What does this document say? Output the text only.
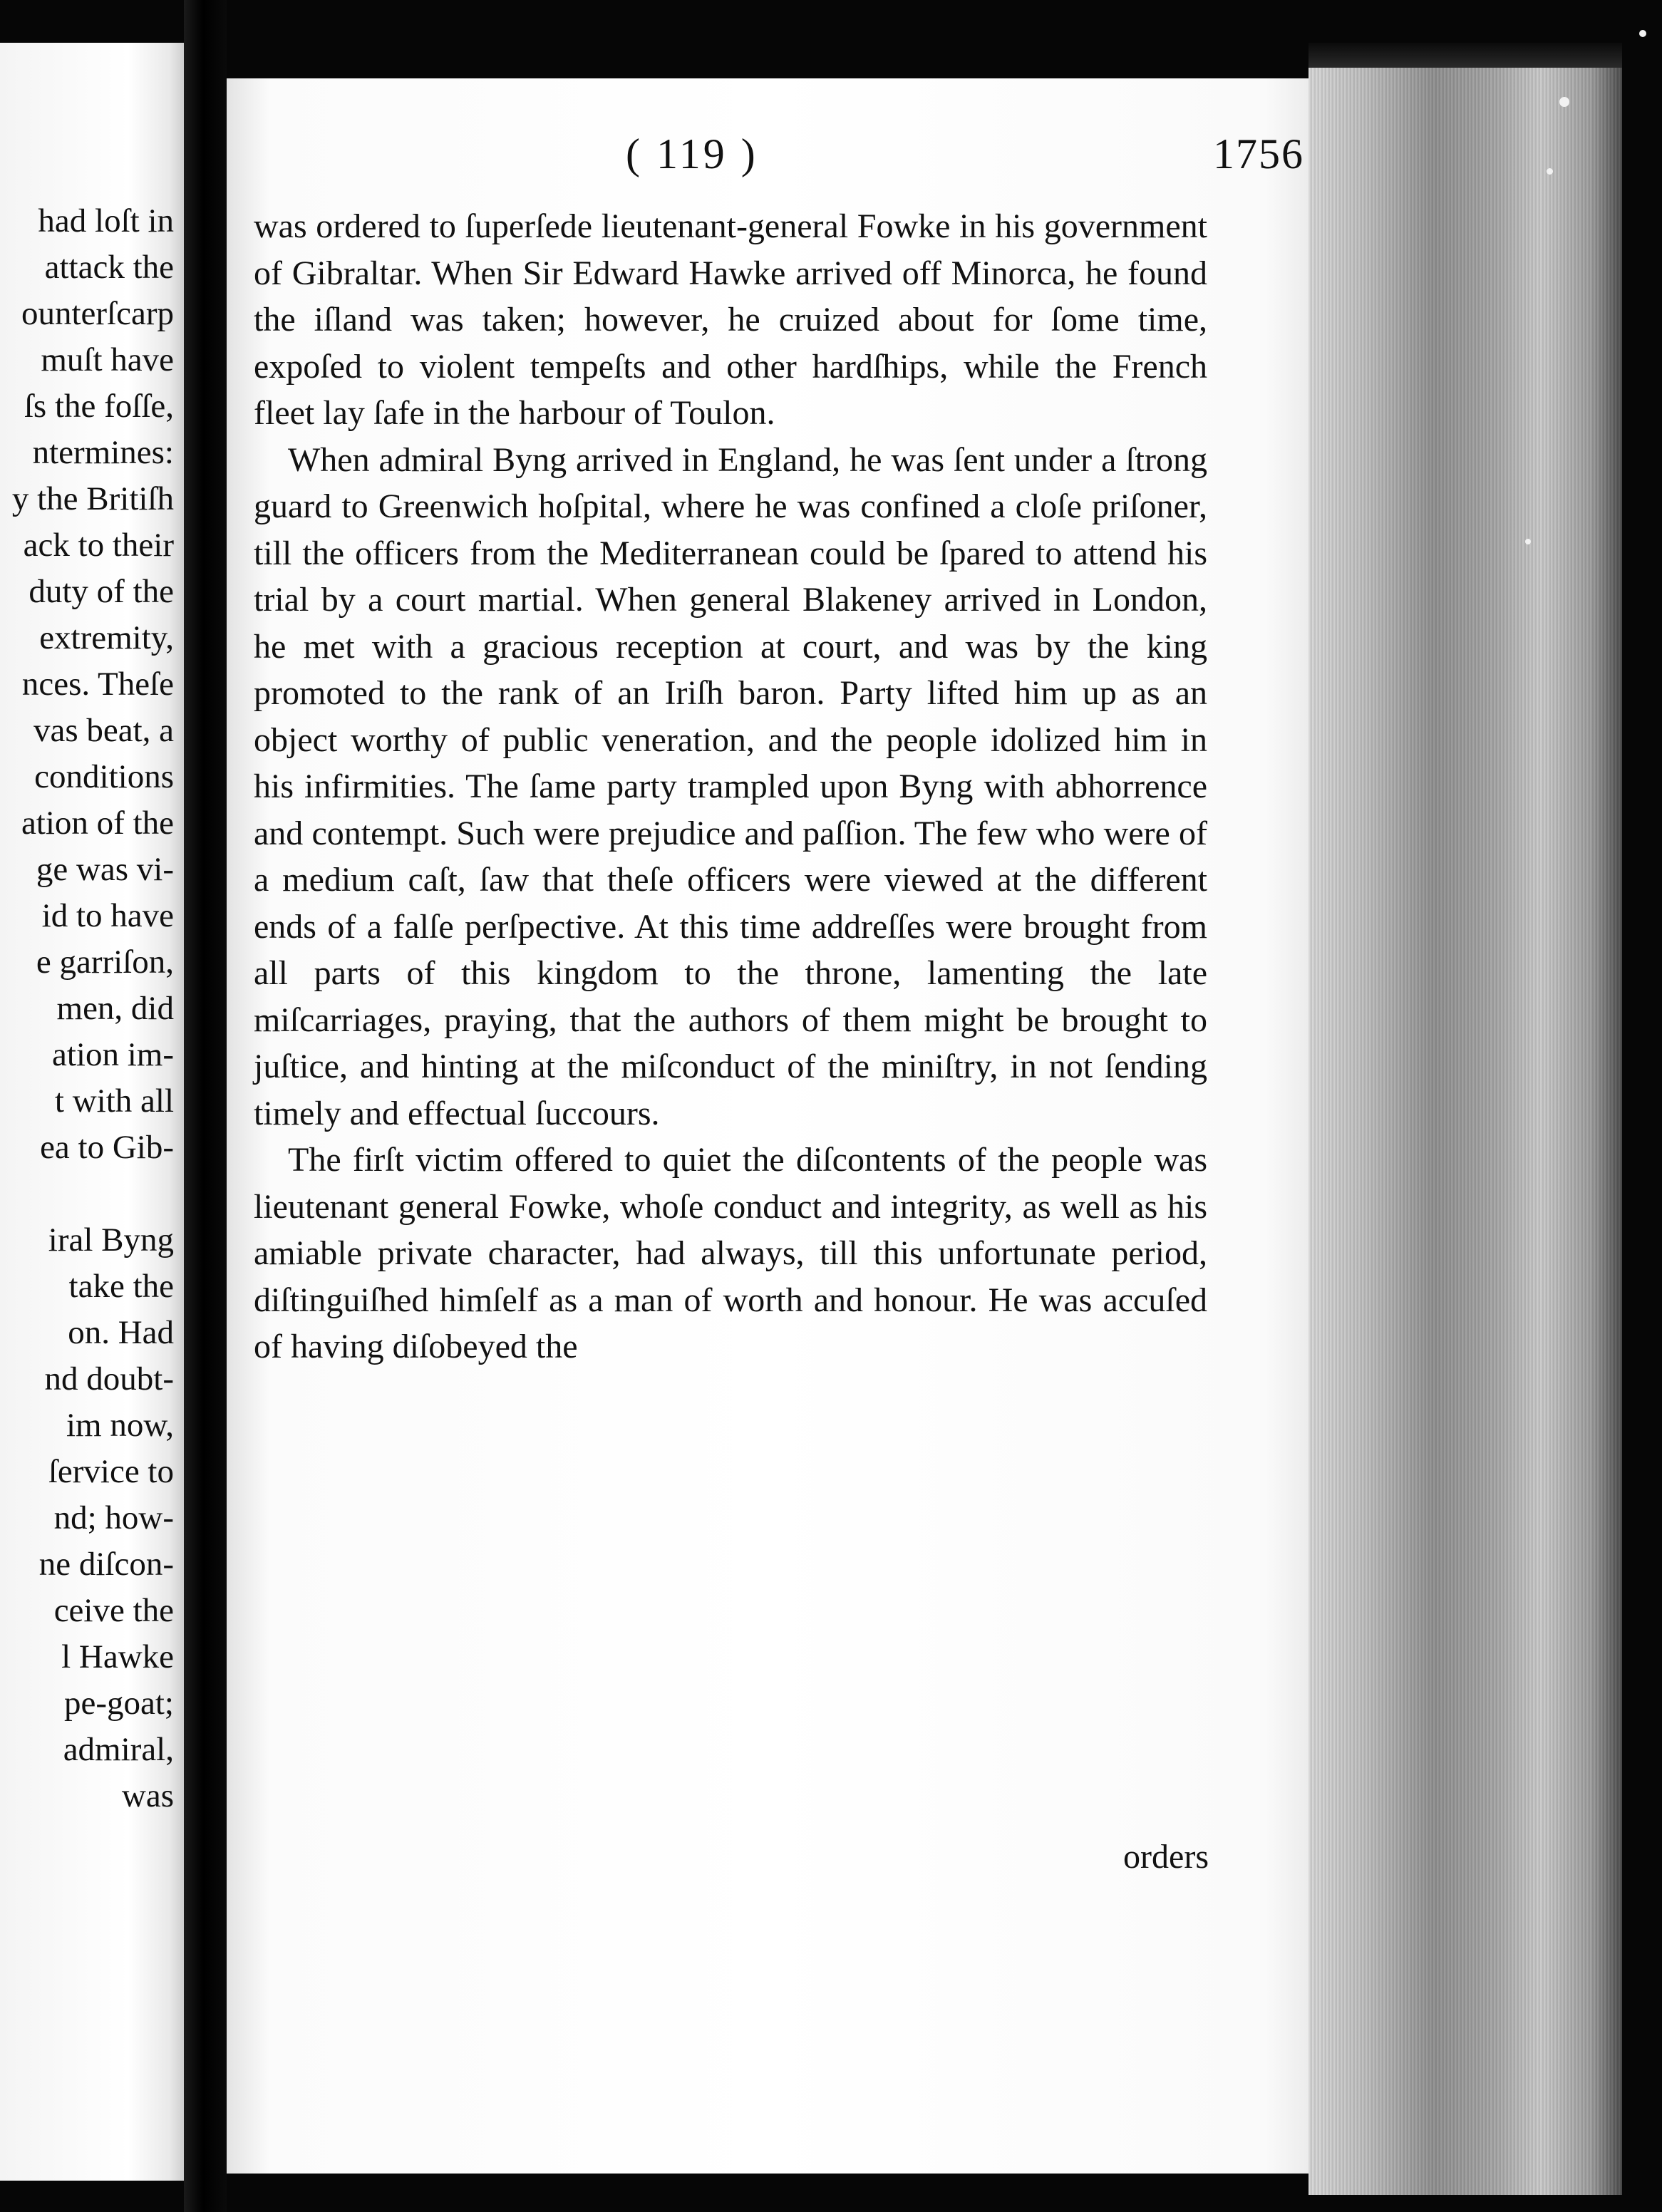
had loſt in
attack the
ounterſcarp
muſt have
ſs the foſſe,
ntermines:
y the Britiſh
ack to their
duty of the
extremity,
nces. Theſe
vas beat, a
conditions
ation of the
ge was vi-
id to have
e garriſon,
men, did
ation im-
t with all
ea to Gib-
iral Byng
take the
on. Had
nd doubt-
im now,
ſervice to
nd; how-
ne diſcon-
ceive the
l Hawke
pe-goat;
admiral,
was
( 119 )	1756

was ordered to ſuperſede lieutenant-general Fowke in his government of Gibraltar. When Sir Edward Hawke arrived off Minorca, he found the iſland was taken; however, he cruized about for ſome time, expoſed to violent tempeſts and other hardſhips, while the French fleet lay ſafe in the harbour of Toulon.

When admiral Byng arrived in England, he was ſent under a ſtrong guard to Greenwich hoſpital, where he was confined a cloſe priſoner, till the officers from the Mediterranean could be ſpared to attend his trial by a court martial. When general Blakeney arrived in London, he met with a gracious reception at court, and was by the king promoted to the rank of an Iriſh baron. Party lifted him up as an object worthy of public veneration, and the people idolized him in his infirmities. The ſame party trampled upon Byng with abhorrence and contempt. Such were prejudice and paſſion. The few who were of a medium caſt, ſaw that theſe officers were viewed at the different ends of a falſe perſpective. At this time addreſſes were brought from all parts of this kingdom to the throne, lamenting the late miſcarriages, praying, that the authors of them might be brought to juſtice, and hinting at the miſconduct of the miniſtry, in not ſending timely and effectual ſuccours.

The firſt victim offered to quiet the diſcontents of the people was lieutenant general Fowke, whoſe conduct and integrity, as well as his amiable private character, had always, till this unfortunate period, diſtinguiſhed himſelf as a man of worth and honour. He was accuſed of having diſobeyed the

orders
